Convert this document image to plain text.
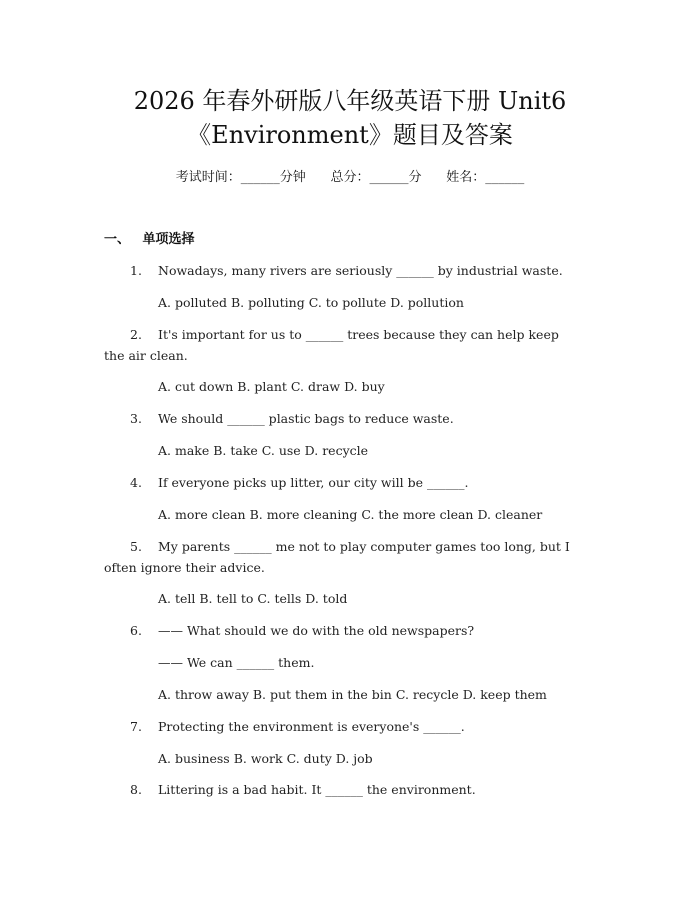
2026 年春外研版八年级英语下册 Unit6
《Environment》题目及答案
考试时间：______分钟      总分：______分      姓名：______
一、 单项选择
1. Nowadays, many rivers are seriously ______ by industrial waste.
A. polluted B. polluting C. to pollute D. pollution
2. It's important for us to ______ trees because they can help keep
the air clean.
A. cut down B. plant C. draw D. buy
3. We should ______ plastic bags to reduce waste.
A. make B. take C. use D. recycle
4. If everyone picks up litter, our city will be ______.
A. more clean B. more cleaning C. the more clean D. cleaner
5. My parents ______ me not to play computer games too long, but I
often ignore their advice.
A. tell B. tell to C. tells D. told
6. —— What should we do with the old newspapers?
—— We can ______ them.
A. throw away B. put them in the bin C. recycle D. keep them
7. Protecting the environment is everyone's ______.
A. business B. work C. duty D. job
8. Littering is a bad habit. It ______ the environment.
